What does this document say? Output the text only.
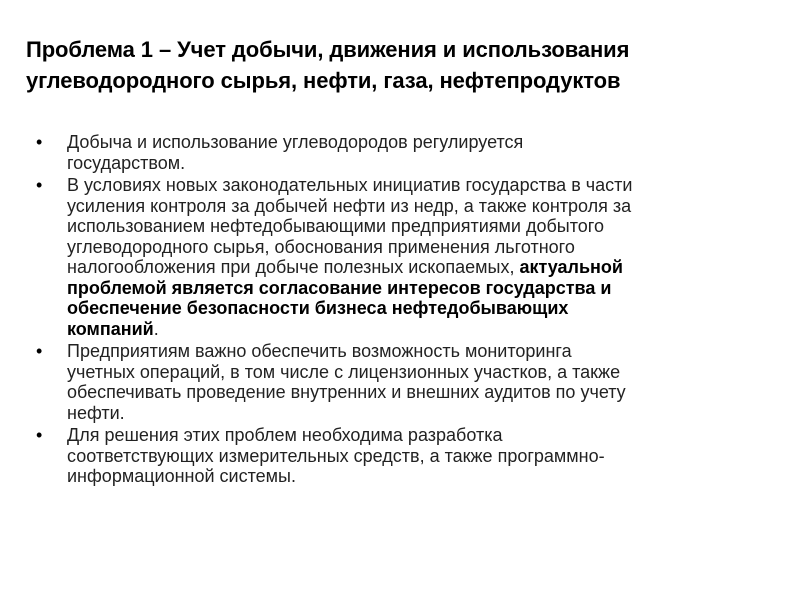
Проблема 1 – Учет добычи, движения и использования
углеводородного сырья, нефти, газа, нефтепродуктов
• Добыча и использование углеводородов регулируется
государством.
• В условиях новых законодательных инициатив государства в части
усиления контроля за добычей нефти из недр, а также контроля за
использованием нефтедобывающими предприятиями добытого
углеводородного сырья, обоснования применения льготного
налогообложения при добыче полезных ископаемых, актуальной
проблемой является согласование интересов государства и
обеспечение безопасности бизнеса нефтедобывающих
компаний.
• Предприятиям важно обеспечить возможность мониторинга
учетных операций, в том числе с лицензионных участков, а также
обеспечивать проведение внутренних и внешних аудитов по учету
нефти.
• Для решения этих проблем необходима разработка
соответствующих измерительных средств, а также программно-
информационной системы.
